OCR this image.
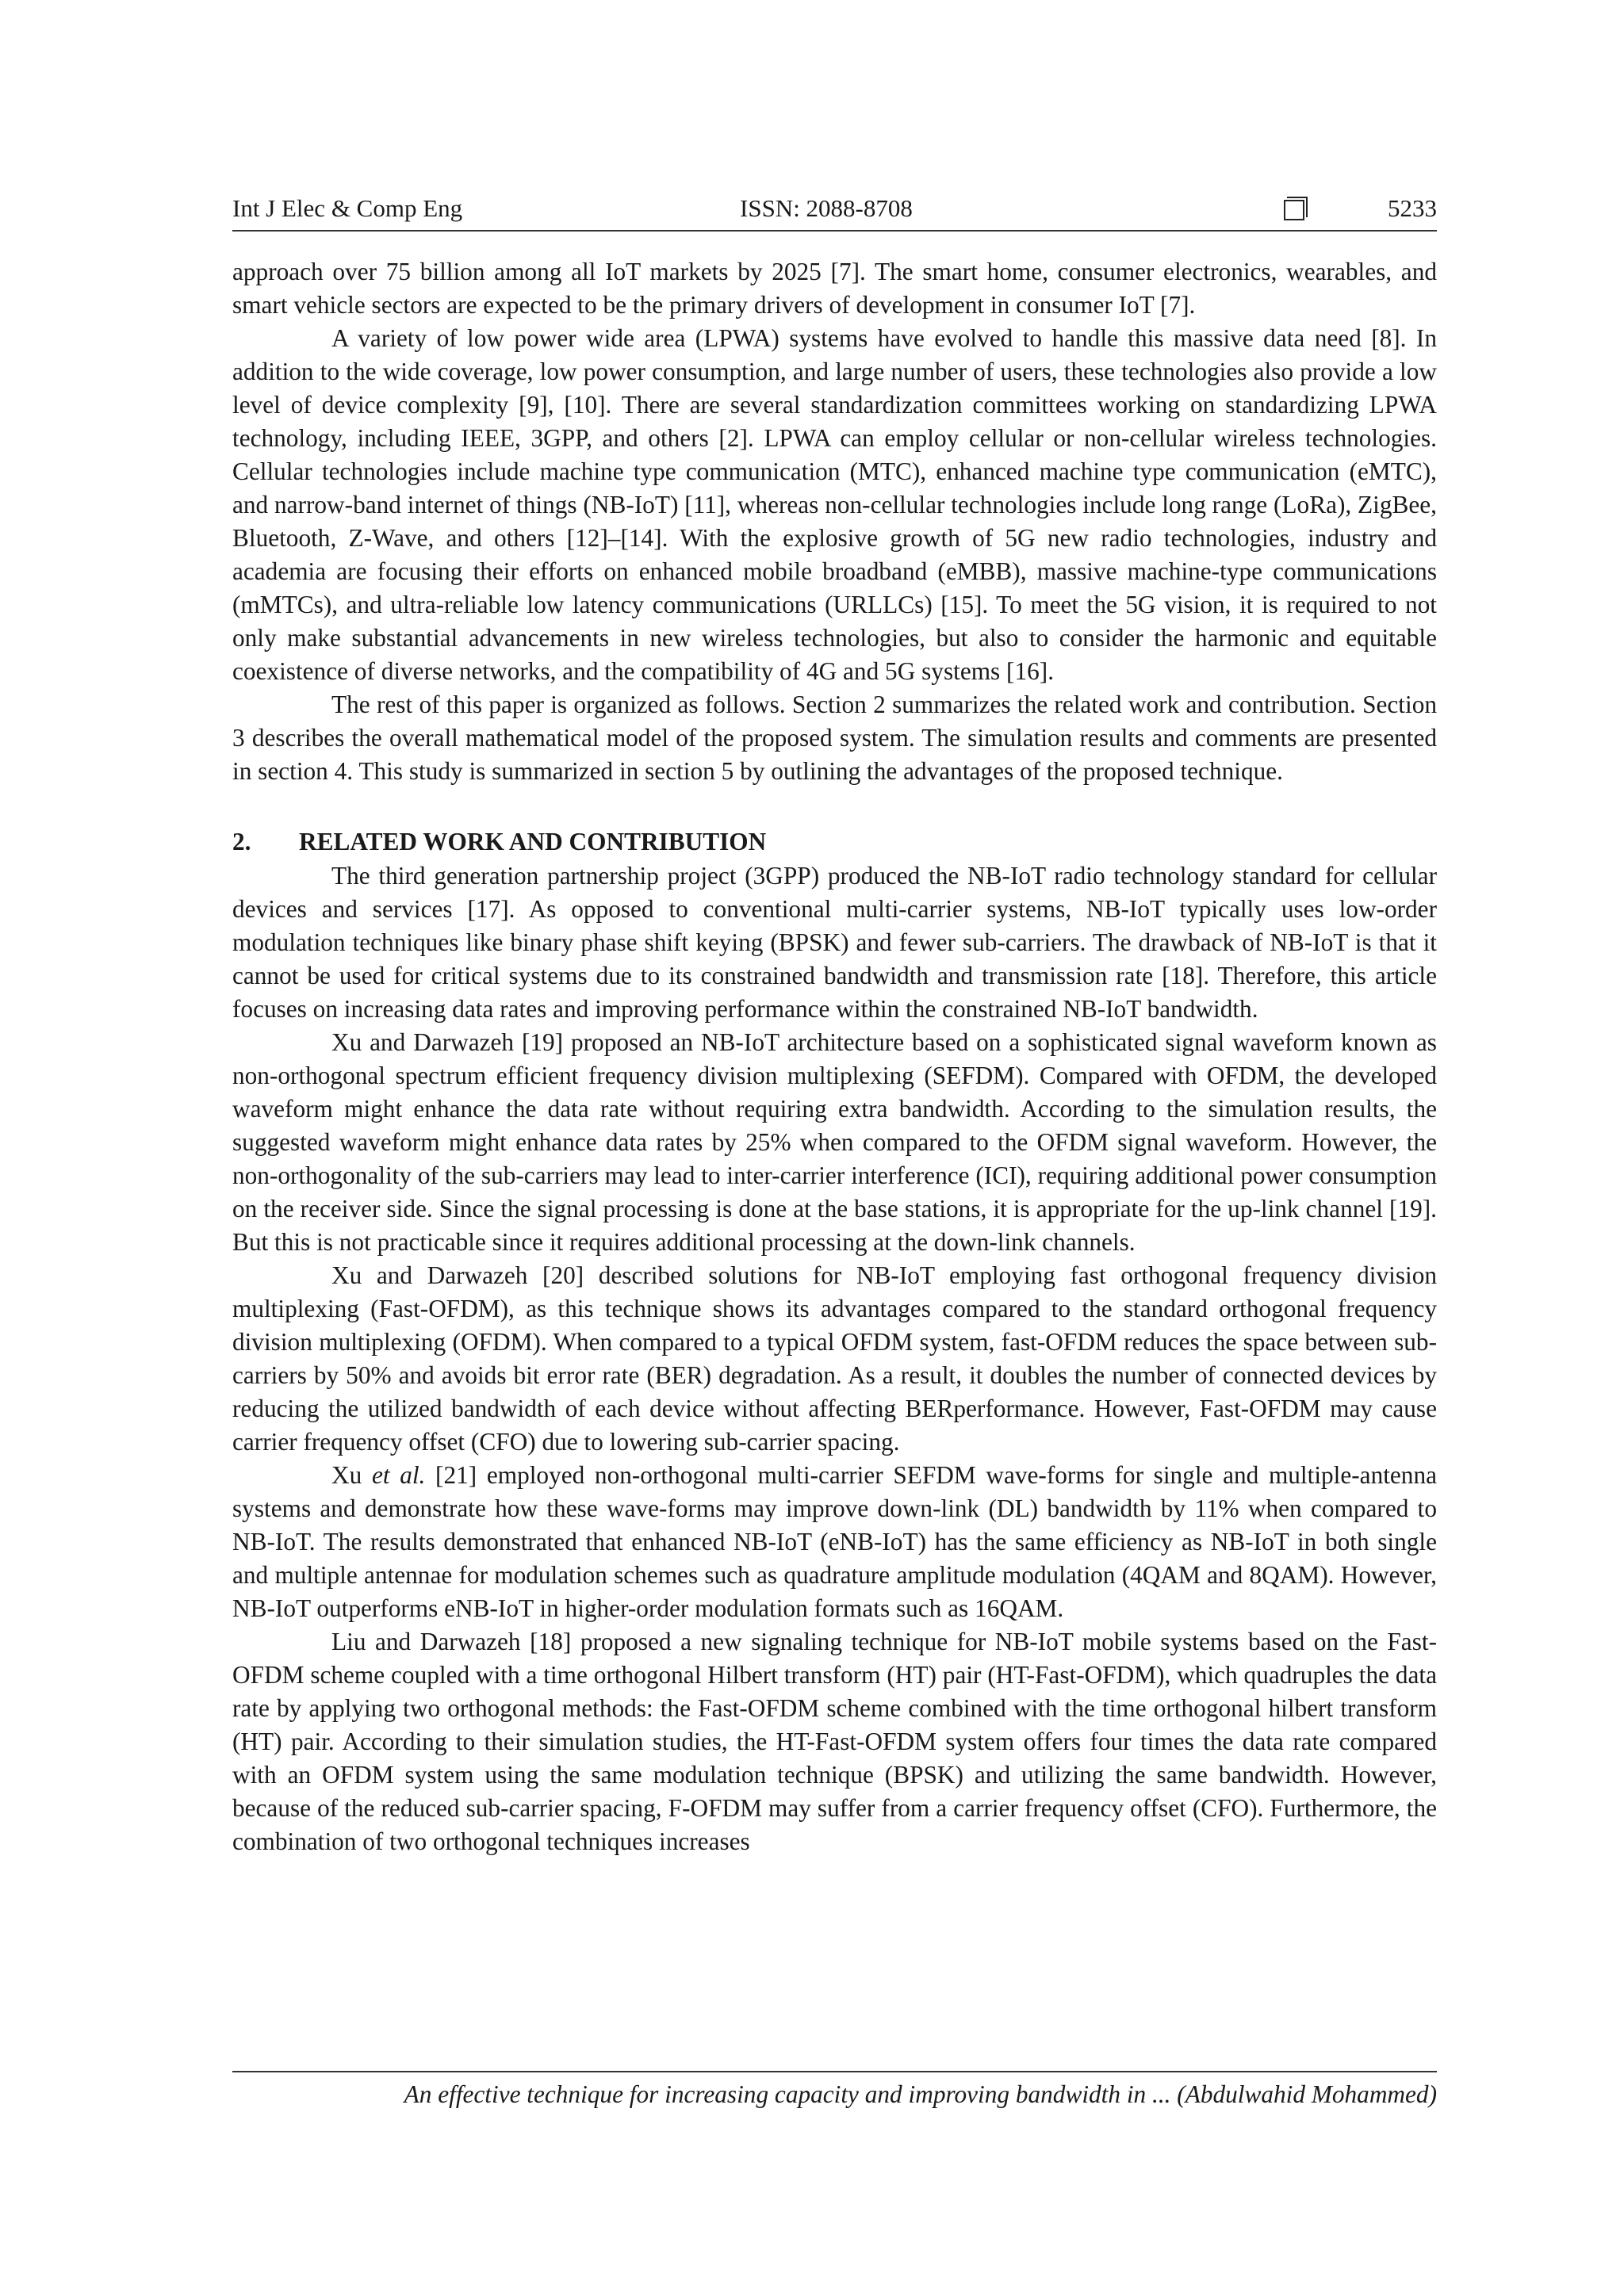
Int J Elec & Comp Eng	ISSN: 2088-8708	5233

approach over 75 billion among all IoT markets by 2025 [7]. The smart home, consumer electronics, wearables, and smart vehicle sectors are expected to be the primary drivers of development in consumer IoT [7].

A variety of low power wide area (LPWA) systems have evolved to handle this massive data need [8]. In addition to the wide coverage, low power consumption, and large number of users, these technologies also provide a low level of device complexity [9], [10]. There are several standardization committees working on standardizing LPWA technology, including IEEE, 3GPP, and others [2]. LPWA can employ cellular or non-cellular wireless technologies. Cellular technologies include machine type communication (MTC), enhanced machine type communication (eMTC), and narrow-band internet of things (NB-IoT) [11], whereas non-cellular technologies include long range (LoRa), ZigBee, Bluetooth, Z-Wave, and others [12]–[14]. With the explosive growth of 5G new radio technologies, industry and academia are focusing their efforts on enhanced mobile broadband (eMBB), massive machine-type communications (mMTCs), and ultra-reliable low latency communications (URLLCs) [15]. To meet the 5G vision, it is required to not only make substantial advancements in new wireless technologies, but also to consider the harmonic and equitable coexistence of diverse networks, and the compatibility of 4G and 5G systems [16].

The rest of this paper is organized as follows. Section 2 summarizes the related work and contribution. Section 3 describes the overall mathematical model of the proposed system. The simulation results and comments are presented in section 4. This study is summarized in section 5 by outlining the advantages of the proposed technique.

2. RELATED WORK AND CONTRIBUTION

The third generation partnership project (3GPP) produced the NB-IoT radio technology standard for cellular devices and services [17]. As opposed to conventional multi-carrier systems, NB-IoT typically uses low-order modulation techniques like binary phase shift keying (BPSK) and fewer sub-carriers. The drawback of NB-IoT is that it cannot be used for critical systems due to its constrained bandwidth and transmission rate [18]. Therefore, this article focuses on increasing data rates and improving performance within the constrained NB-IoT bandwidth.

Xu and Darwazeh [19] proposed an NB-IoT architecture based on a sophisticated signal waveform known as non-orthogonal spectrum efficient frequency division multiplexing (SEFDM). Compared with OFDM, the developed waveform might enhance the data rate without requiring extra bandwidth. According to the simulation results, the suggested waveform might enhance data rates by 25% when compared to the OFDM signal waveform. However, the non-orthogonality of the sub-carriers may lead to inter-carrier interference (ICI), requiring additional power consumption on the receiver side. Since the signal processing is done at the base stations, it is appropriate for the up-link channel [19]. But this is not practicable since it requires additional processing at the down-link channels.

Xu and Darwazeh [20] described solutions for NB-IoT employing fast orthogonal frequency division multiplexing (Fast-OFDM), as this technique shows its advantages compared to the standard orthogonal frequency division multiplexing (OFDM). When compared to a typical OFDM system, fast-OFDM reduces the space between sub-carriers by 50% and avoids bit error rate (BER) degradation. As a result, it doubles the number of connected devices by reducing the utilized bandwidth of each device without affecting BERperformance. However, Fast-OFDM may cause carrier frequency offset (CFO) due to lowering sub-carrier spacing.

Xu et al. [21] employed non-orthogonal multi-carrier SEFDM wave-forms for single and multiple-antenna systems and demonstrate how these wave-forms may improve down-link (DL) bandwidth by 11% when compared to NB-IoT. The results demonstrated that enhanced NB-IoT (eNB-IoT) has the same efficiency as NB-IoT in both single and multiple antennae for modulation schemes such as quadrature amplitude modulation (4QAM and 8QAM). However, NB-IoT outperforms eNB-IoT in higher-order modulation formats such as 16QAM.

Liu and Darwazeh [18] proposed a new signaling technique for NB-IoT mobile systems based on the Fast-OFDM scheme coupled with a time orthogonal Hilbert transform (HT) pair (HT-Fast-OFDM), which quadruples the data rate by applying two orthogonal methods: the Fast-OFDM scheme combined with the time orthogonal hilbert transform (HT) pair. According to their simulation studies, the HT-Fast-OFDM system offers four times the data rate compared with an OFDM system using the same modulation technique (BPSK) and utilizing the same bandwidth. However, because of the reduced sub-carrier spacing, F-OFDM may suffer from a carrier frequency offset (CFO). Furthermore, the combination of two orthogonal techniques increases

An effective technique for increasing capacity and improving bandwidth in ... (Abdulwahid Mohammed)
